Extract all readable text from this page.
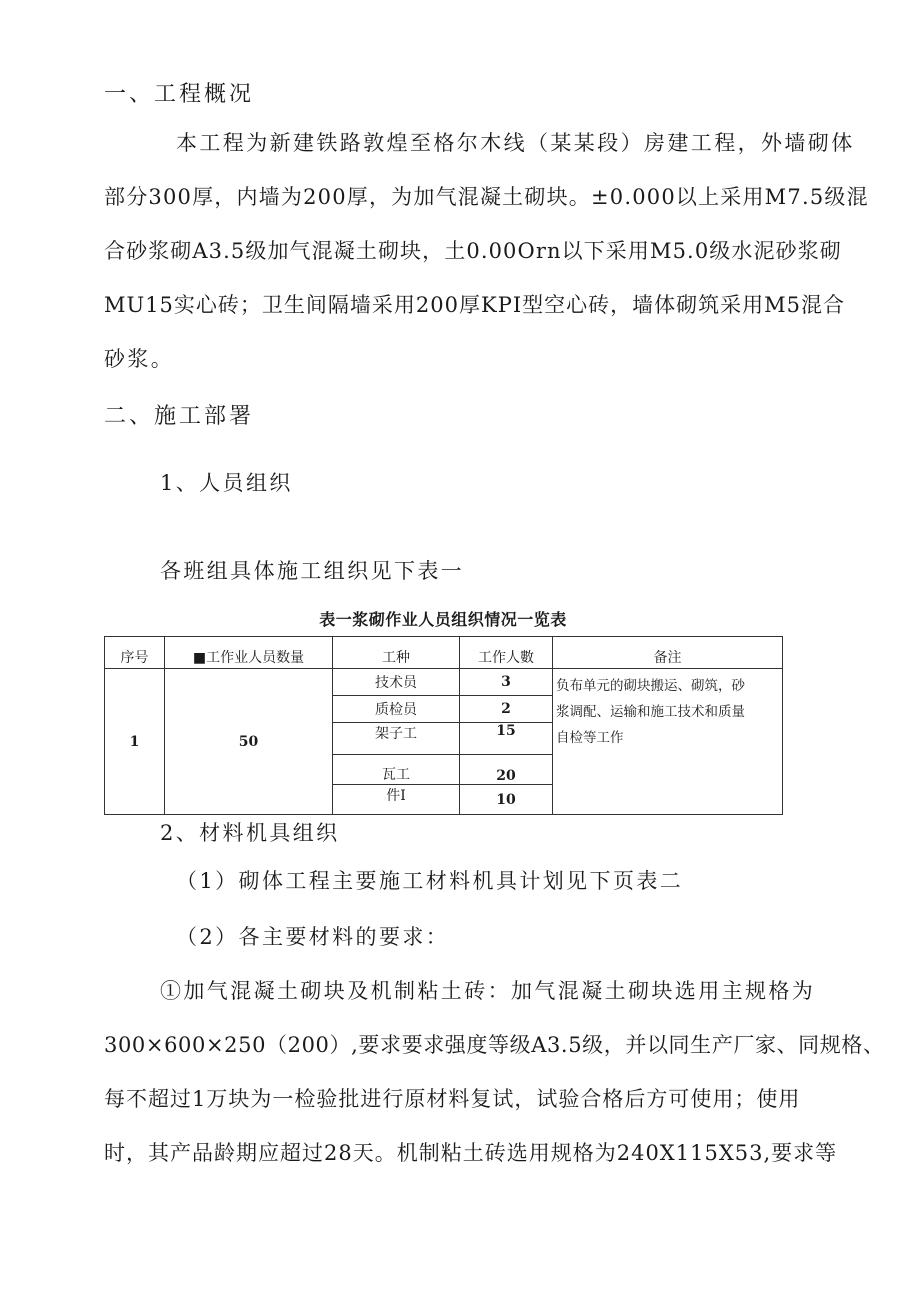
一、工程概况
本工程为新建铁路敦煌至格尔木线（某某段）房建工程，外墙砌体
部分300厚，内墙为200厚，为加气混凝土砌块。±0.000以上采用M7.5级混
合砂浆砌A3.5级加气混凝土砌块，土0.00Orn以下采用M5.0级水泥砂浆砌
MU15实心砖；卫生间隔墙采用200厚KPI型空心砖，墙体砌筑采用M5混合
砂浆。
二、施工部署
1、人员组织
各班组具体施工组织见下表一
表一浆砌作业人员组织情况一览表
序号	■工作业人员数量	工种	工作人數	备注
1	50	技术员	3	负布单元的砌块搬运、砌筑，砂
浆调配、运输和施工技术和质量
自检等工作

		质检员	2	
		架子工	15	
		瓦工	20	
		件I	10	
2、材料机具组织
（1）砌体工程主要施工材料机具计划见下页表二
（2）各主要材料的要求：
①加气混凝土砌块及机制粘土砖：加气混凝土砌块选用主规格为
300×600×250（200）,要求要求强度等级A3.5级，并以同生产厂家、同规格、
每不超过1万块为一检验批进行原材料复试，试验合格后方可使用；使用
时，其产品龄期应超过28天。机制粘土砖选用规格为240X115X53,要求等
